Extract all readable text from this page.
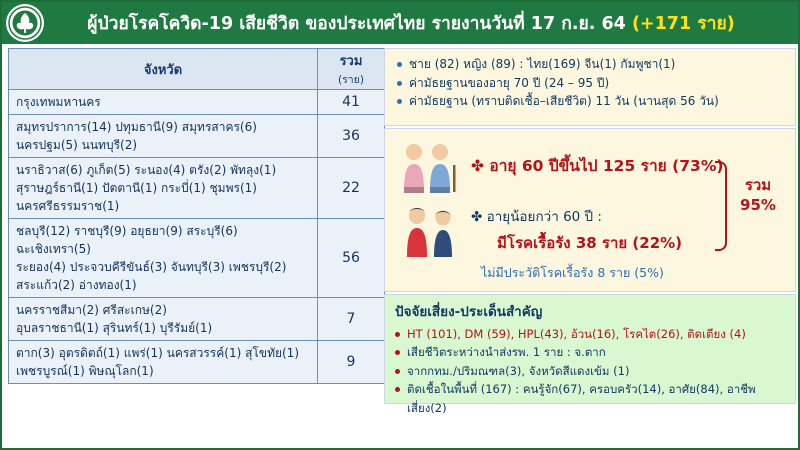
ผู้ป่วยโรคโควิด-19 เสียชีวิต ของประเทศไทย รายงานวันที่ 17 ก.ย. 64 (+171 ราย)
จังหวัด	รวม
(ราย)

กรุงเทพมหานคร	41
สมุทรปราการ(14) ปทุมธานี(9) สมุทรสาคร(6)
นครปฐม(5) นนทบุรี(2)	36
นราธิวาส(6) ภูเก็ต(5) ระนอง(4) ตรัง(2) พัทลุง(1)
สุราษฎร์ธานี(1) ปัตตานี(1) กระบี่(1) ชุมพร(1)
นครศรีธรรมราช(1)	22
ชลบุรี(12) ราชบุรี(9) อยุธยา(9) สระบุรี(6) ฉะเชิงเทรา(5)
ระยอง(4) ประจวบคีรีขันธ์(3) จันทบุรี(3) เพชรบุรี(2)
สระแก้ว(2) อ่างทอง(1)	56
นครราชสีมา(2) ศรีสะเกษ(2)
อุบลราชธานี(1) สุรินทร์(1) บุรีรัมย์(1)	7
ตาก(3) อุตรดิตถ์(1) แพร่(1) นครสวรรค์(1) สุโขทัย(1)
เพชรบูรณ์(1) พิษณุโลก(1)	9
ชาย (82) หญิง (89) : ไทย(169) จีน(1) กัมพูชา(1)
ค่ามัธยฐานของอายุ 70 ปี (24 – 95 ปี)
ค่ามัธยฐาน (ทราบติดเชื้อ–เสียชีวิต) 11 วัน (นานสุด 56 วัน)
✤ อายุ 60 ปีขึ้นไป 125 ราย (73%)
✤ อายุน้อยกว่า 60 ปี :
มีโรคเรื้อรัง 38 ราย (22%)
ไม่มีประวัติโรคเรื้อรัง 8 ราย (5%)
รวม
95%
ปัจจัยเสี่ยง-ประเด็นสำคัญ
HT (101), DM (59), HPL(43), อ้วน(16), โรคไต(26), ติดเตียง (4)
เสียชีวิตระหว่างนำส่งรพ. 1 ราย : จ.ตาก
จากกทม./ปริมณฑล(3), จังหวัดสีแดงเข้ม (1)
ติดเชื้อในพื้นที่ (167) : คนรู้จัก(67), ครอบครัว(14), อาศัย(84), อาชีพเสี่ยง(2)
